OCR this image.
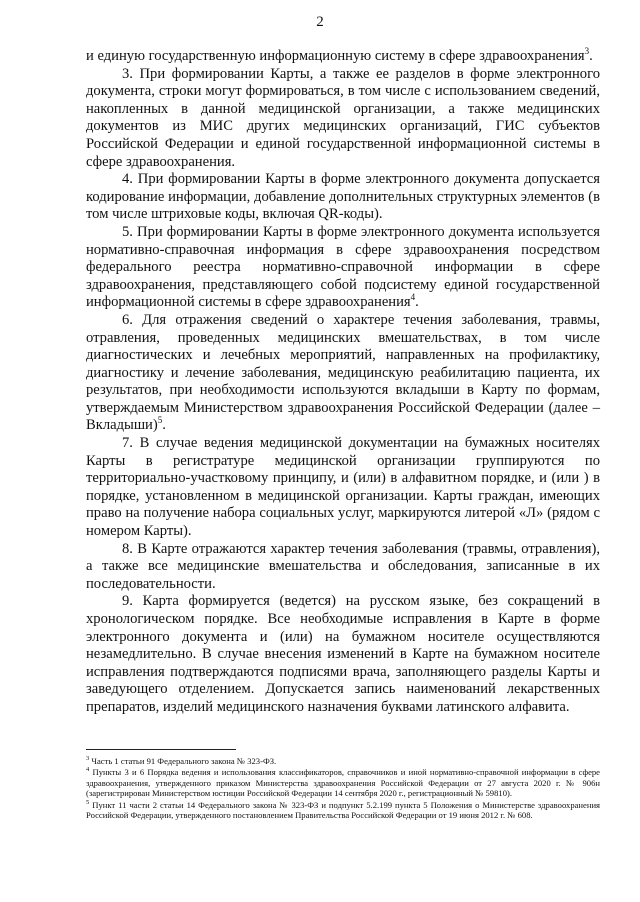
2

и единую государственную информационную систему в сфере здравоохранения$^3$.

3. При формировании Карты, а также ее разделов в форме электронного документа, строки могут формироваться, в том числе с использованием сведений, накопленных в данной медицинской организации, а также медицинских документов из МИС других медицинских организаций, ГИС субъектов Российской Федерации и единой государственной информационной системы в сфере здравоохранения.

4. При формировании Карты в форме электронного документа допускается кодирование информации, добавление дополнительных структурных элементов (в том числе штриховые коды, включая QR-коды).

5. При формировании Карты в форме электронного документа используется нормативно-справочная информация в сфере здравоохранения посредством федерального реестра нормативно-справочной информации в сфере здравоохранения, представляющего собой подсистему единой государственной информационной системы в сфере здравоохранения$^4$.

6. Для отражения сведений о характере течения заболевания, травмы, отравления, проведенных медицинских вмешательствах, в том числе диагностических и лечебных мероприятий, направленных на профилактику, диагностику и лечение заболевания, медицинскую реабилитацию пациента, их результатов, при необходимости используются вкладыши в Карту по формам, утверждаемым Министерством здравоохранения Российской Федерации (далее – Вкладыши)$^5$.

7. В случае ведения медицинской документации на бумажных носителях Карты в регистратуре медицинской организации группируются по территориально-участковому принципу, и (или) в алфавитном порядке, и (или ) в порядке, установленном в медицинской организации. Карты граждан, имеющих право на получение набора социальных услуг, маркируются литерой «Л» (рядом с номером Карты).

8. В Карте отражаются характер течения заболевания (травмы, отравления), а также все медицинские вмешательства и обследования, записанные в их последовательности.

9. Карта формируется (ведется) на русском языке, без сокращений в хронологическом порядке. Все необходимые исправления в Карте в форме электронного документа и (или) на бумажном носителе осуществляются незамедлительно. В случае внесения изменений в Карте на бумажном носителе исправления подтверждаются подписями врача, заполняющего разделы Карты и заведующего отделением. Допускается запись наименований лекарственных препаратов, изделий медицинского назначения буквами латинского алфавита.

$^3$ Часть 1 статьи 91 Федерального закона № 323-ФЗ.

$^4$ Пункты 3 и 6 Порядка ведения и использования классификаторов, справочников и иной нормативно-справочной информации в сфере здравоохранения, утвержденного приказом Министерства здравоохранения Российской Федерации от 27 августа 2020 г. № 906н (зарегистрирован Министерством юстиции Российской Федерации 14 сентября 2020 г., регистрационный № 59810).

$^5$ Пункт 11 части 2 статьи 14 Федерального закона № 323-ФЗ и подпункт 5.2.199 пункта 5 Положения о Министерстве здравоохранения Российской Федерации, утвержденного постановлением Правительства Российской Федерации от 19 июня 2012 г. № 608.
